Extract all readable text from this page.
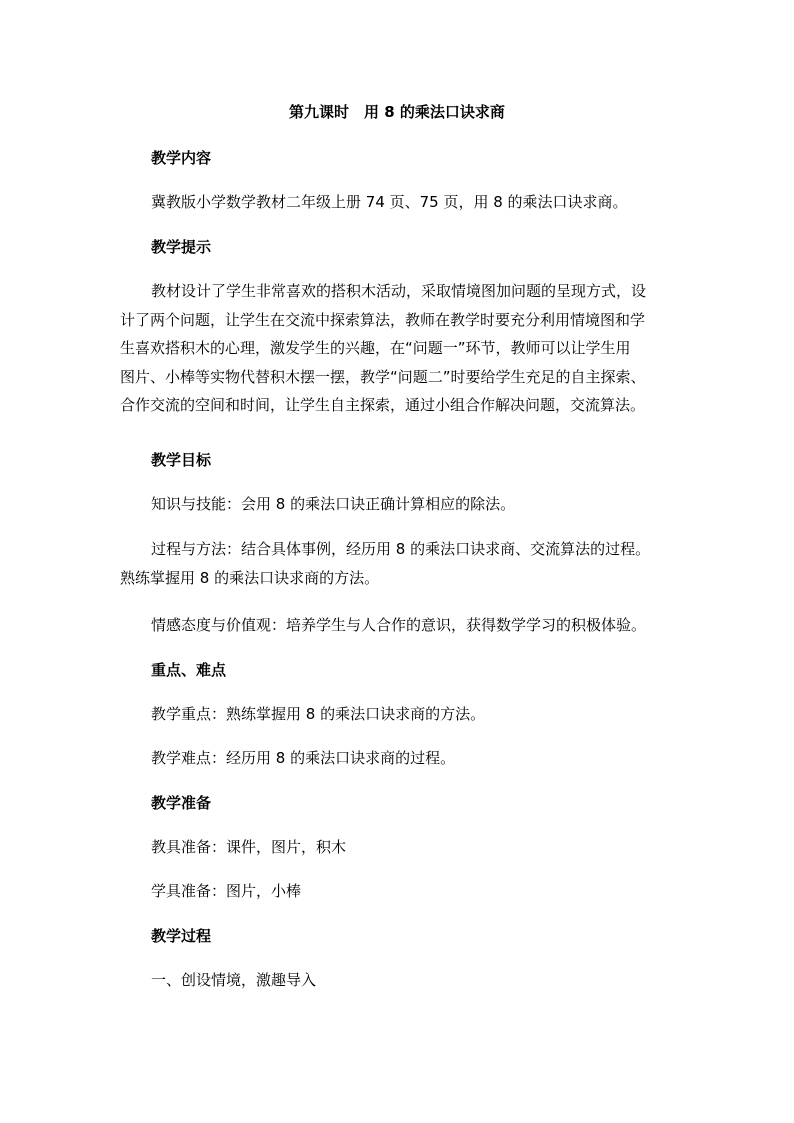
第九课时　用 8 的乘法口诀求商
教学内容
冀教版小学数学教材二年级上册 74 页、75 页，用 8 的乘法口诀求商。
教学提示
教材设计了学生非常喜欢的搭积木活动，采取情境图加问题的呈现方式，设
计了两个问题，让学生在交流中探索算法，教师在教学时要充分利用情境图和学
生喜欢搭积木的心理，激发学生的兴趣，在“问题一”环节，教师可以让学生用
图片、小棒等实物代替积木摆一摆，教学“问题二”时要给学生充足的自主探索、
合作交流的空间和时间，让学生自主探索，通过小组合作解决问题，交流算法。
教学目标
知识与技能：会用 8 的乘法口诀正确计算相应的除法。
过程与方法：结合具体事例，经历用 8 的乘法口诀求商、交流算法的过程。
熟练掌握用 8 的乘法口诀求商的方法。
情感态度与价值观：培养学生与人合作的意识，获得数学学习的积极体验。
重点、难点
教学重点：熟练掌握用 8 的乘法口诀求商的方法。
教学难点：经历用 8 的乘法口诀求商的过程。
教学准备
教具准备：课件，图片，积木
学具准备：图片，小棒
教学过程
一、创设情境，激趣导入
